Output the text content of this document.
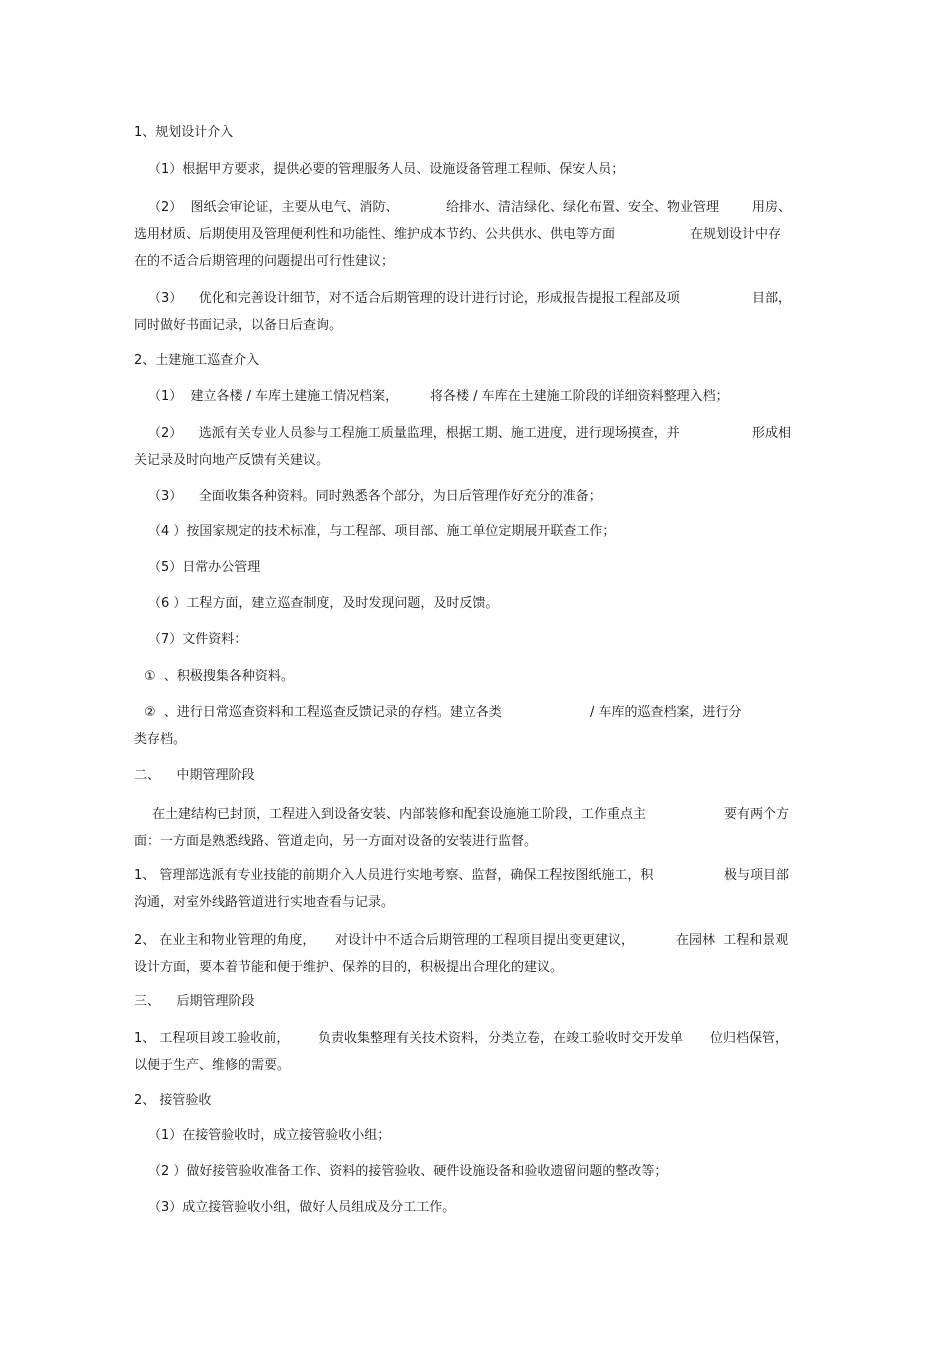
1、规划设计介入
（1）根据甲方要求，提供必要的管理服务人员、设施设备管理工程师、保安人员；
（2）  图纸会审论证，主要从电气、消防、	给排水、清洁绿化、绿化布置、安全、物业管理	用房、
选用材质、后期使用及管理便利性和功能性、维护成本节约、公共供水、供电等方面	在规划设计中存
在的不适合后期管理的问题提出可行性建议；
（3）    优化和完善设计细节，对不适合后期管理的设计进行讨论，形成报告提报工程部及项	目部，
同时做好书面记录，以备日后查询。
2、土建施工巡查介入
（1）  建立各楼 / 车库土建施工情况档案， 将各楼 / 车库在土建施工阶段的详细资料整理入档；
（2）    选派有关专业人员参与工程施工质量监理，根据工期、施工进度，进行现场摸查，并	形成相
关记录及时向地产反馈有关建议。
（3）    全面收集各种资料。同时熟悉各个部分，为日后管理作好充分的准备；
（4 ）按国家规定的技术标准，与工程部、项目部、施工单位定期展开联查工作；
（5）日常办公管理
（6 ）工程方面，建立巡查制度，及时发现问题，及时反馈。
（7）文件资料：
①  、积极搜集各种资料。
②  、进行日常巡查资料和工程巡查反馈记录的存档。建立各类	/ 车库的巡查档案，进行分
类存档。
二、    中期管理阶段
在土建结构已封顶，工程进入到设备安装、内部装修和配套设施施工阶段，工作重点主	要有两个方
面：一方面是熟悉线路、管道走向，另一方面对设备的安装进行监督。
1、 管理部选派有专业技能的前期介入人员进行实地考察、监督，确保工程按图纸施工，积	极与项目部
沟通，对室外线路管道进行实地查看与记录。
2、 在业主和物业管理的角度， 对设计中不适合后期管理的工程项目提出变更建议，	在园林  工程和景观
设计方面，要本着节能和便于维护、保养的目的，积极提出合理化的建议。
三、    后期管理阶段
1、 工程项目竣工验收前， 负责收集整理有关技术资料， 分类立卷，在竣工验收时交开发单 位归档保管，
以便于生产、维修的需要。
2、 接管验收
（1）在接管验收时，成立接管验收小组；
（2 ）做好接管验收准备工作、资料的接管验收、硬件设施设备和验收遗留问题的整改等；
（3）成立接管验收小组，做好人员组成及分工工作。
